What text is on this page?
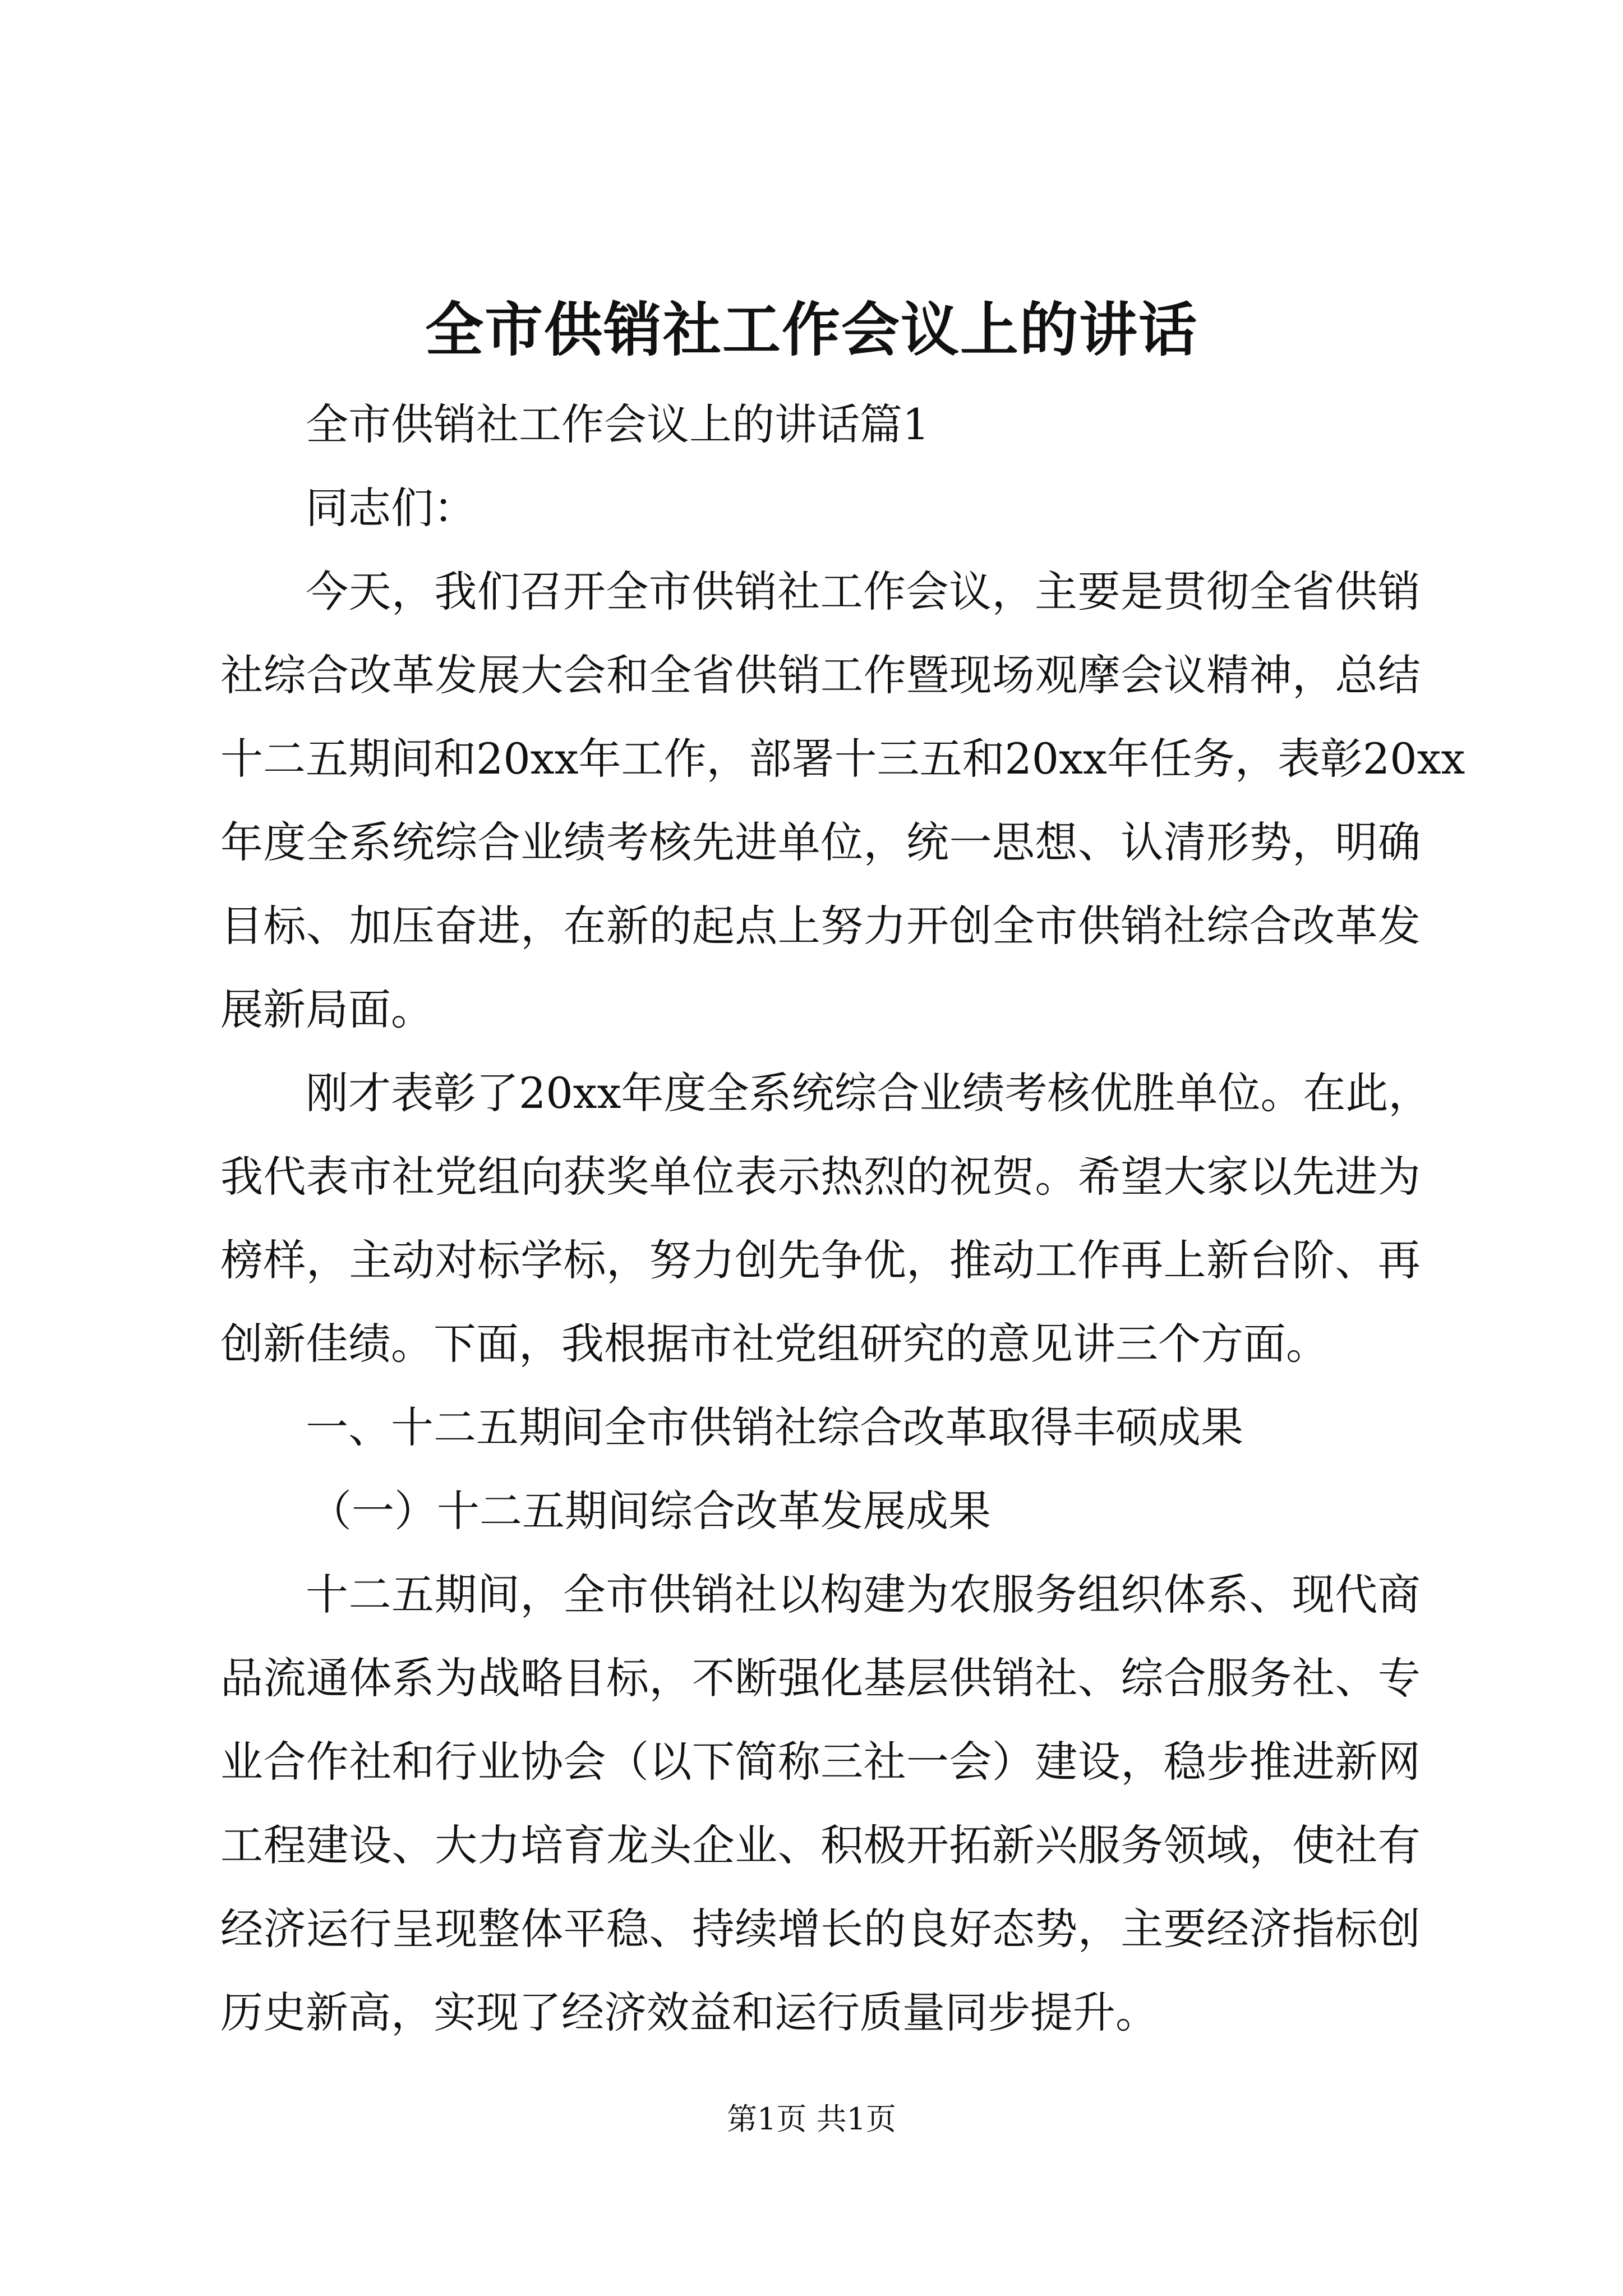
全市供销社工作会议上的讲话
全市供销社工作会议上的讲话篇1
同志们：
今 天 ， 我 们 召 开 全 市 供 销 社 工 作 会 议 ， 主 要 是 贯 彻 全 省 供 销
社 综 合 改 革 发 展 大 会 和 全 省 供 销 工 作 暨 现 场 观 摩 会 议 精 神 ， 总 结
十 二 五 期 间 和 20xx 年 工 作 ， 部 署 十 三 五 和 20xx 年 任 务 ， 表 彰 20xx
年 度 全 系 统 综 合 业 绩 考 核 先 进 单 位 ， 统 一 思 想 、 认 清 形 势 ， 明 确
目 标 、 加 压 奋 进 ， 在 新 的 起 点 上 努 力 开 创 全 市 供 销 社 综 合 改 革 发
展新局面。
刚 才 表 彰 了 20xx 年 度 全 系 统 综 合 业 绩 考 核 优 胜 单 位 。 在 此 ，
我 代 表 市 社 党 组 向 获 奖 单 位 表 示 热 烈 的 祝 贺 。 希 望 大 家 以 先 进 为
榜 样 ， 主 动 对 标 学 标 ， 努 力 创 先 争 优 ， 推 动 工 作 再 上 新 台 阶 、 再
创新佳绩。下面，我根据市社党组研究的意见讲三个方面。
一、十二五期间全市供销社综合改革取得丰硕成果
（一）十二五期间综合改革发展成果
十 二 五 期 间 ， 全 市 供 销 社 以 构 建 为 农 服 务 组 织 体 系 、 现 代 商
品 流 通 体 系 为 战 略 目 标 ， 不 断 强 化 基 层 供 销 社 、 综 合 服 务 社 、 专
业 合 作 社 和 行 业 协 会 （ 以 下 简 称 三 社 一 会 ） 建 设 ， 稳 步 推 进 新 网
工 程 建 设 、 大 力 培 育 龙 头 企 业 、 积 极 开 拓 新 兴 服 务 领 域 ， 使 社 有
经 济 运 行 呈 现 整 体 平 稳 、 持 续 增 长 的 良 好 态 势 ， 主 要 经 济 指 标 创
历史新高，实现了经济效益和运行质量同步提升。
第1页 共1页
